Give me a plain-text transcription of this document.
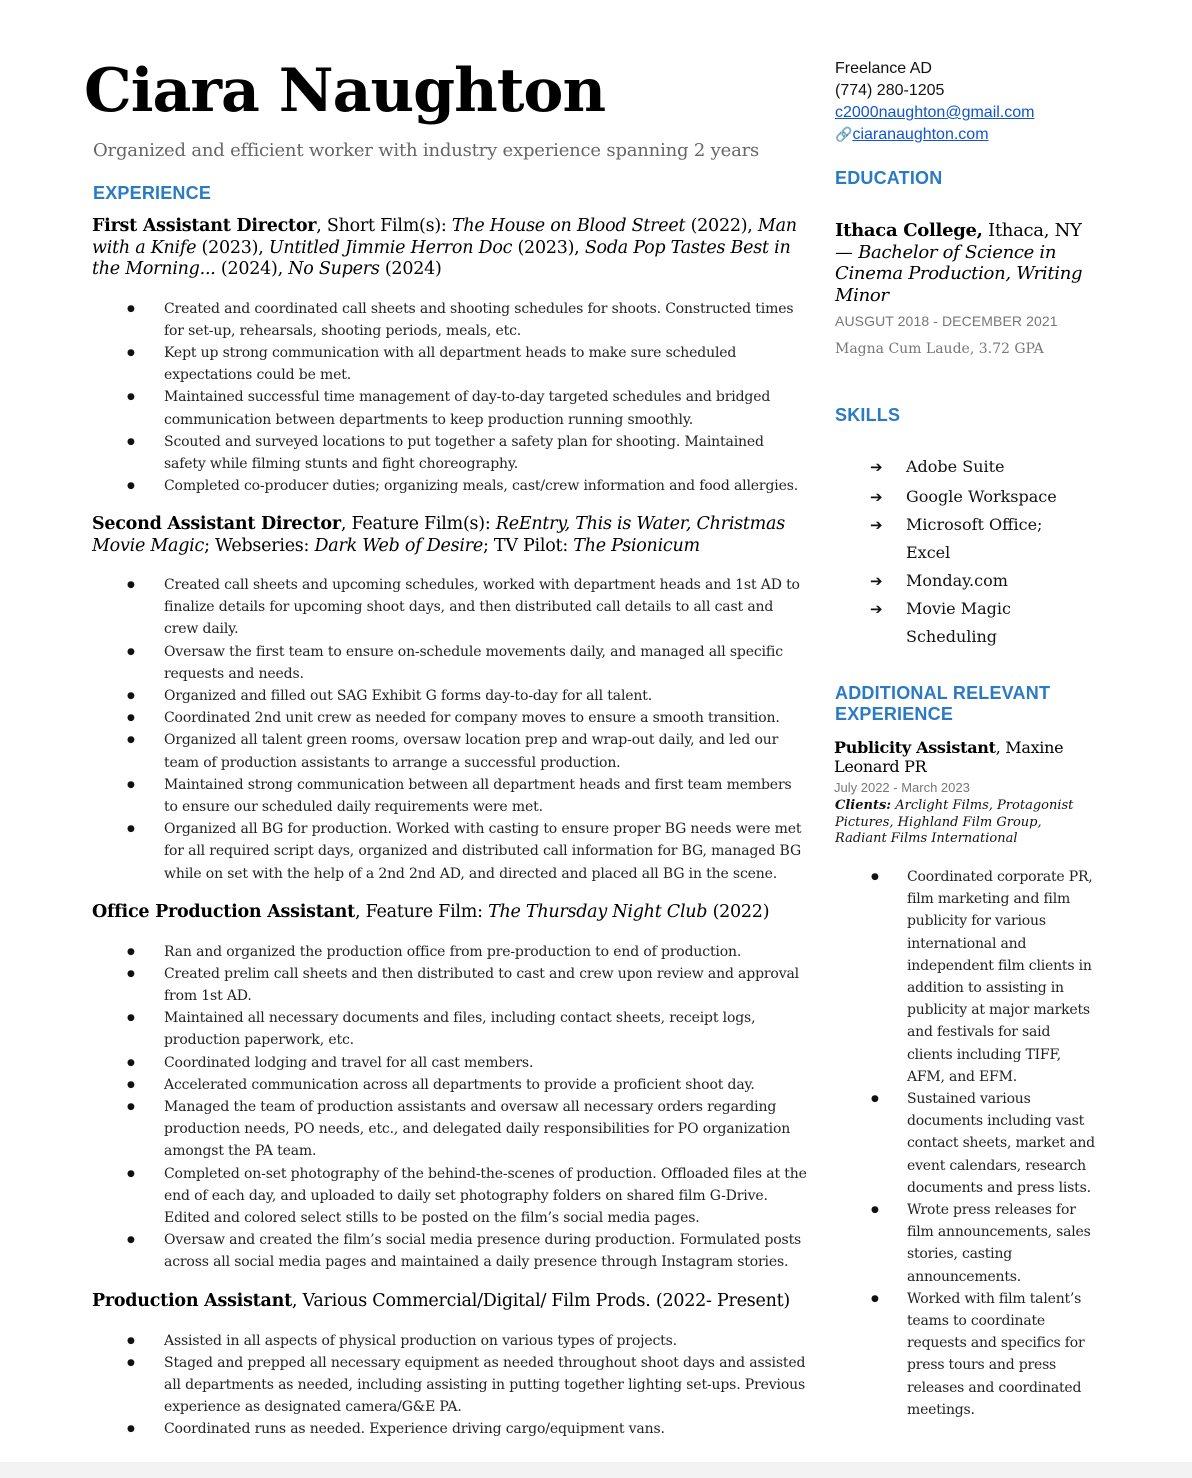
Ciara Naughton
Organized and efficient worker with industry experience spanning 2 years
EXPERIENCE
First Assistant Director, Short Film(s): The House on Blood Street (2022), Man with a Knife (2023), Untitled Jimmie Herron Doc (2023), Soda Pop Tastes Best in the Morning... (2024), No Supers (2024)
● Created and coordinated call sheets and shooting schedules for shoots. Constructed times for set-up, rehearsals, shooting periods, meals, etc.
● Kept up strong communication with all department heads to make sure scheduled expectations could be met.
● Maintained successful time management of day-to-day targeted schedules and bridged communication between departments to keep production running smoothly.
● Scouted and surveyed locations to put together a safety plan for shooting. Maintained safety while filming stunts and fight choreography.
● Completed co-producer duties; organizing meals, cast/crew information and food allergies.
Second Assistant Director, Feature Film(s): ReEntry, This is Water, Christmas Movie Magic; Webseries: Dark Web of Desire; TV Pilot: The Psionicum
● Created call sheets and upcoming schedules, worked with department heads and 1st AD to finalize details for upcoming shoot days, and then distributed call details to all cast and crew daily.
● Oversaw the first team to ensure on-schedule movements daily, and managed all specific requests and needs.
● Organized and filled out SAG Exhibit G forms day-to-day for all talent.
● Coordinated 2nd unit crew as needed for company moves to ensure a smooth transition.
● Organized all talent green rooms, oversaw location prep and wrap-out daily, and led our team of production assistants to arrange a successful production.
● Maintained strong communication between all department heads and first team members to ensure our scheduled daily requirements were met.
● Organized all BG for production. Worked with casting to ensure proper BG needs were met for all required script days, organized and distributed call information for BG, managed BG while on set with the help of a 2nd 2nd AD, and directed and placed all BG in the scene.
Office Production Assistant, Feature Film: The Thursday Night Club (2022)
● Ran and organized the production office from pre-production to end of production.
● Created prelim call sheets and then distributed to cast and crew upon review and approval from 1st AD.
● Maintained all necessary documents and files, including contact sheets, receipt logs, production paperwork, etc.
● Coordinated lodging and travel for all cast members.
● Accelerated communication across all departments to provide a proficient shoot day.
● Managed the team of production assistants and oversaw all necessary orders regarding production needs, PO needs, etc., and delegated daily responsibilities for PO organization amongst the PA team.
● Completed on-set photography of the behind-the-scenes of production. Offloaded files at the end of each day, and uploaded to daily set photography folders on shared film G-Drive. Edited and colored select stills to be posted on the film’s social media pages.
● Oversaw and created the film’s social media presence during production. Formulated posts across all social media pages and maintained a daily presence through Instagram stories.
Production Assistant, Various Commercial/Digital/ Film Prods. (2022- Present)
● Assisted in all aspects of physical production on various types of projects.
● Staged and prepped all necessary equipment as needed throughout shoot days and assisted all departments as needed, including assisting in putting together lighting set-ups. Previous experience as designated camera/G&E PA.
● Coordinated runs as needed. Experience driving cargo/equipment vans.
Freelance AD
(774) 280-1205
c2000naughton@gmail.com
🔗ciaranaughton.com
EDUCATION
Ithaca College, Ithaca, NY
— Bachelor of Science in Cinema Production, Writing Minor
AUSGUT 2018 - DECEMBER 2021
Magna Cum Laude, 3.72 GPA
SKILLS
➔ Adobe Suite
➔ Google Workspace
➔ Microsoft Office; Excel
➔ Monday.com
➔ Movie Magic Scheduling
ADDITIONAL RELEVANT EXPERIENCE
Publicity Assistant, Maxine Leonard PR
July 2022 - March 2023
Clients: Arclight Films, Protagonist Pictures, Highland Film Group, Radiant Films International
● Coordinated corporate PR, film marketing and film publicity for various international and independent film clients in addition to assisting in publicity at major markets and festivals for said clients including TIFF, AFM, and EFM.
● Sustained various documents including vast contact sheets, market and event calendars, research documents and press lists.
● Wrote press releases for film announcements, sales stories, casting announcements.
● Worked with film talent’s teams to coordinate requests and specifics for press tours and press releases and coordinated meetings.
